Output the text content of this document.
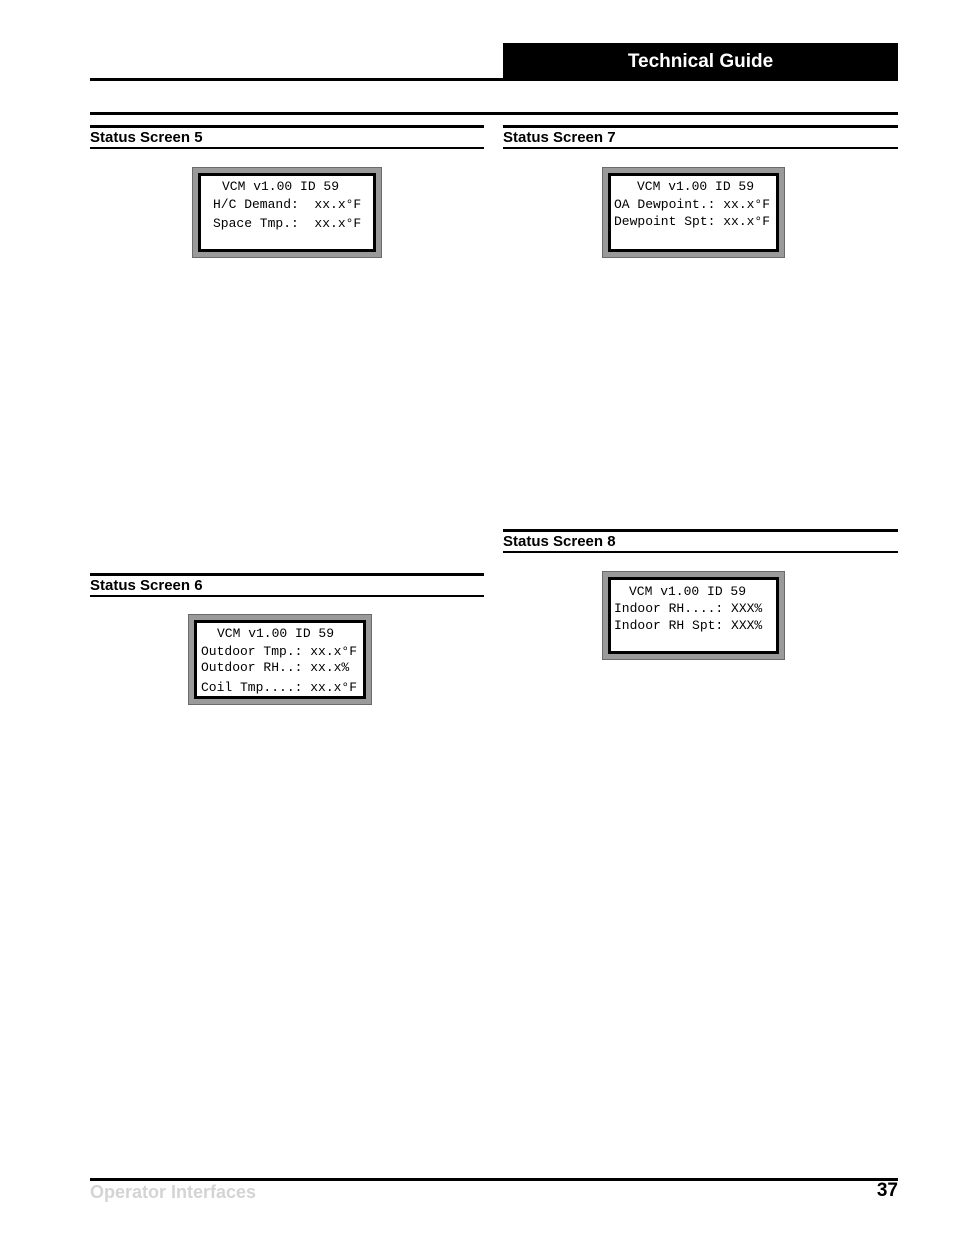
Technical Guide
Status Screen 5
VCM v1.00 ID 59
H/C Demand:  xx.x°F
Space Tmp.:  xx.x°F
Status Screen 6
VCM v1.00 ID 59
Outdoor Tmp.: xx.x°F
Outdoor RH..: xx.x%
Coil Tmp....: xx.x°F
Status Screen 7
VCM v1.00 ID 59
OA Dewpoint.: xx.x°F
Dewpoint Spt: xx.x°F
Status Screen 8
VCM v1.00 ID 59
Indoor RH....: XXX%
Indoor RH Spt: XXX%
Operator Interfaces	37
